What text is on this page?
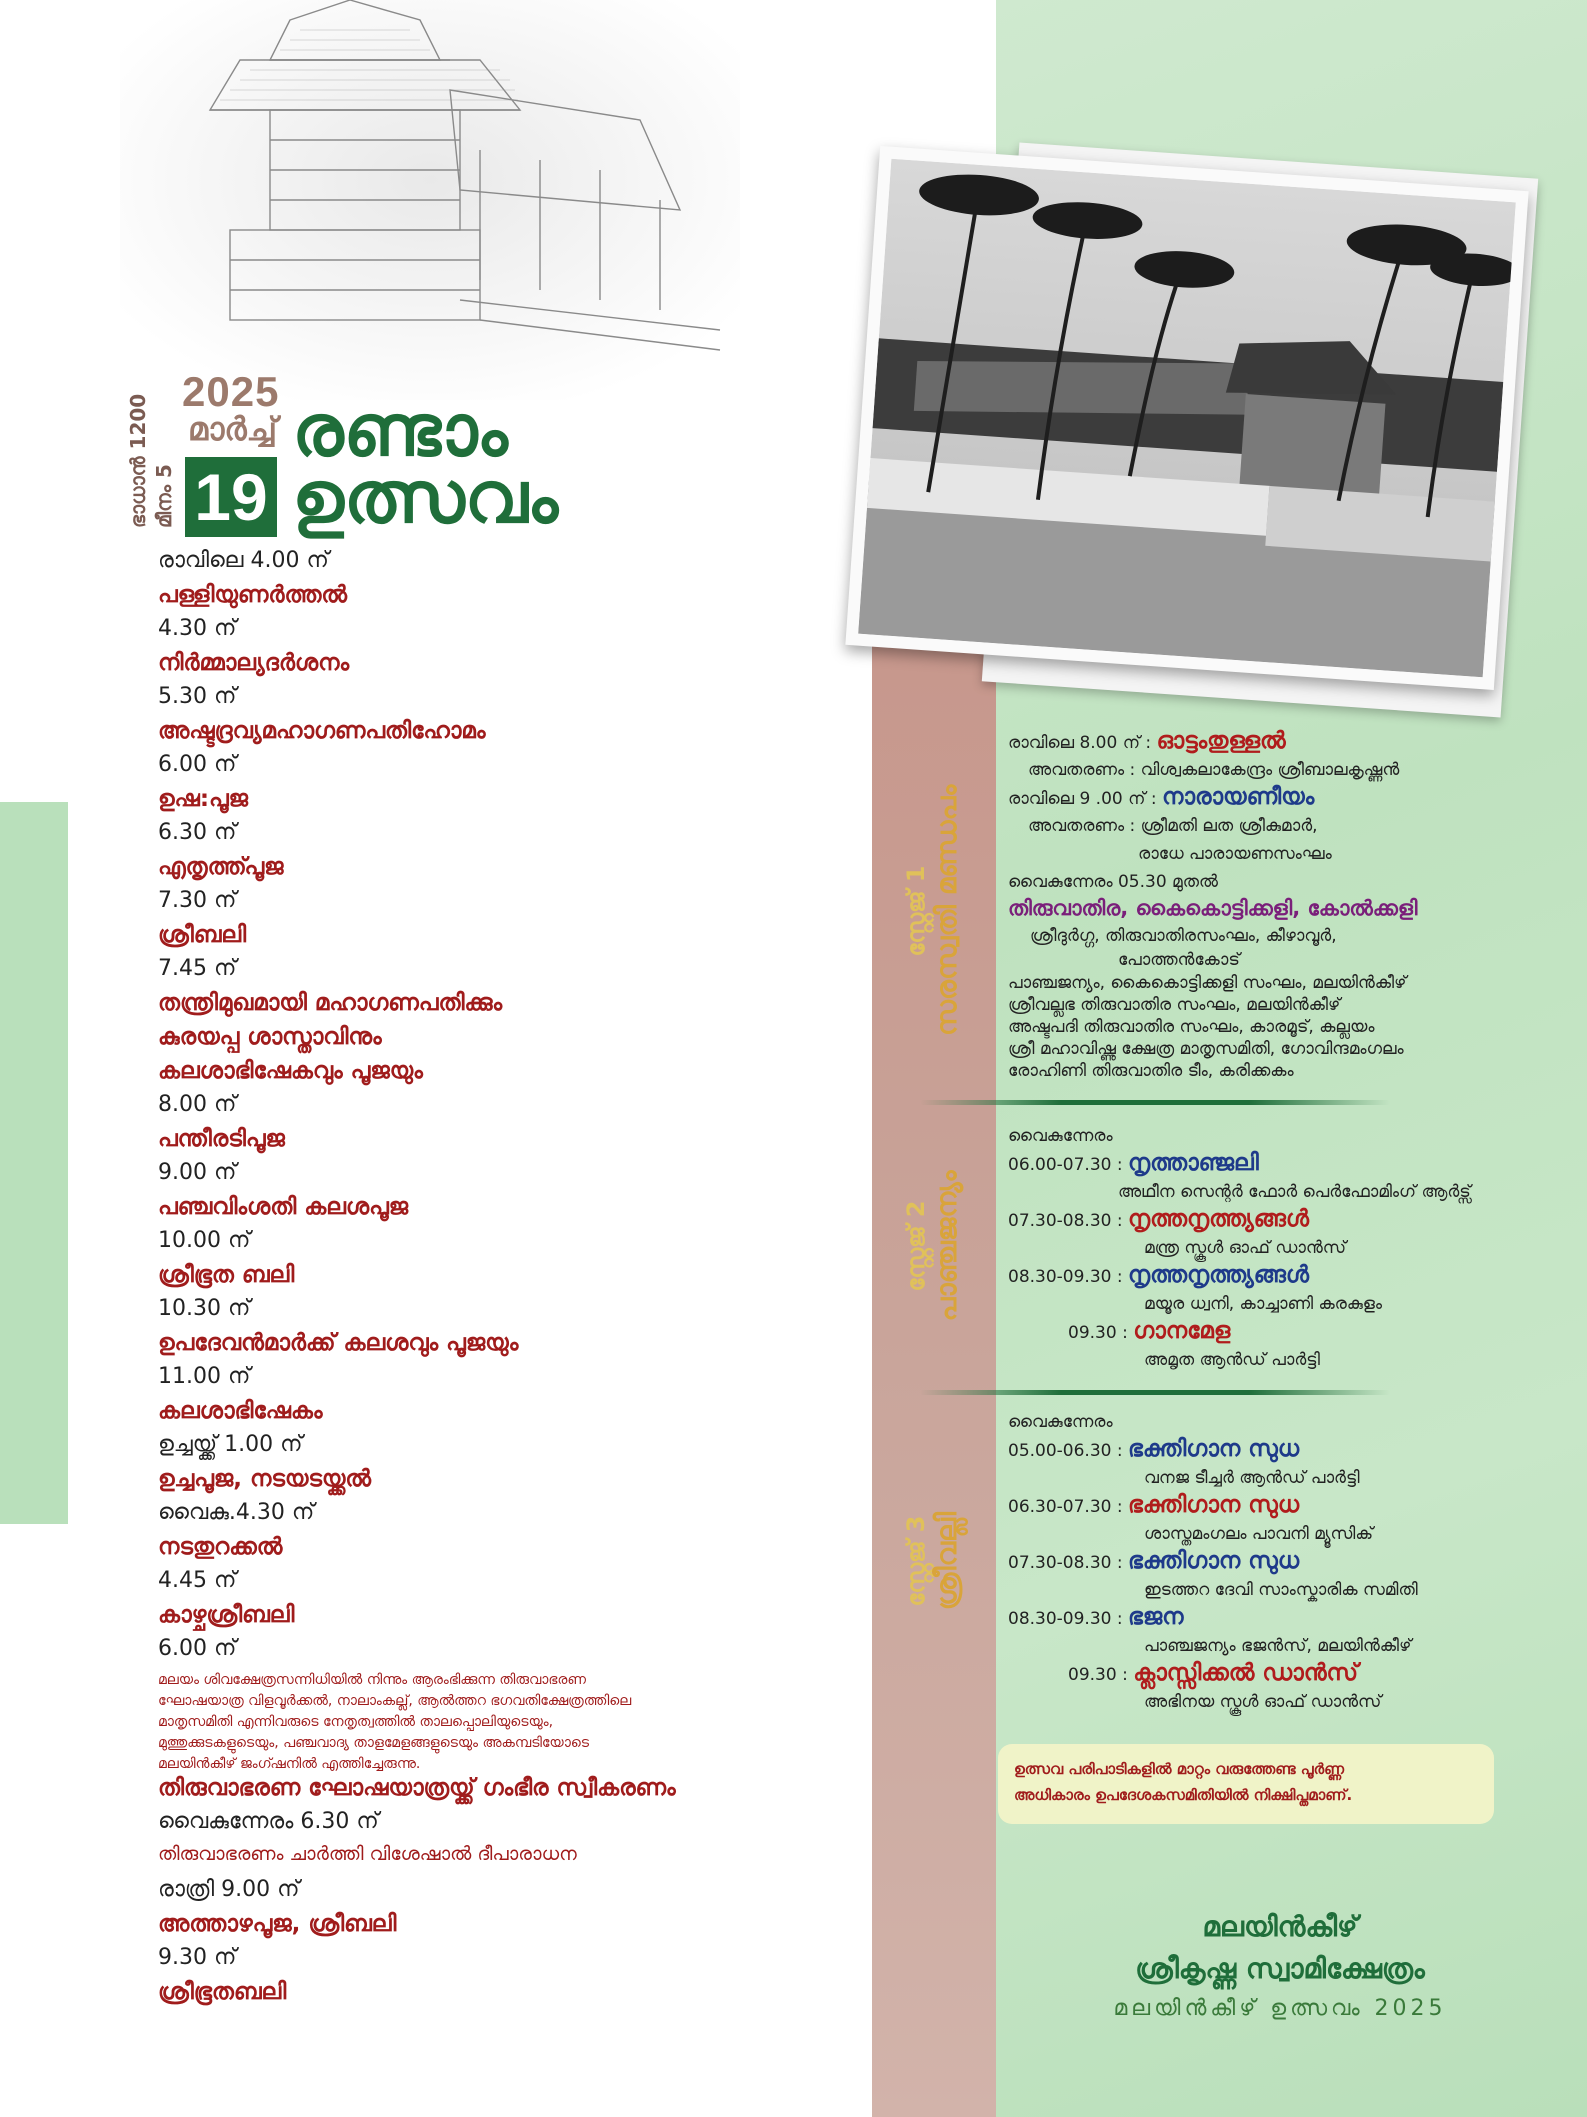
ഭാധാൻ 1200 മീനം 5
2025
മാർച്ച്
19
രണ്ടാം
ഉത്സവം
രാവിലെ 4.00 ന്
പള്ളിയുണർത്തൽ
4.30 ന്
നിർമ്മാല്യദർശനം
5.30 ന്
അഷ്ടദ്രവ്യമഹാഗണപതിഹോമം
6.00 ന്
ഉഷ:പൂജ
6.30 ന്
എതൃത്ത്പൂജ
7.30 ന്
ശ്രീബലി
7.45 ന്
തന്ത്രിമുഖമായി മഹാഗണപതിക്കും
കുരയപ്പ ശാസ്താവിനും
കലശാഭിഷേകവും പൂജയും
8.00 ന്
പന്തീരടിപൂജ
9.00 ന്
പഞ്ചവിംശതി കലശപൂജ
10.00 ന്
ശ്രീഭൂത ബലി
10.30 ന്
ഉപദേവൻമാർക്ക് കലശവും പൂജയും
11.00 ന്
കലശാഭിഷേകം
ഉച്ചയ്ക്ക് 1.00 ന്
ഉച്ചപൂജ, നടയടയ്ക്കൽ
വൈകു.4.30 ന്
നടതുറക്കൽ
4.45 ന്
കാഴ്ചശ്രീബലി
6.00 ന്
മലയം ശിവക്ഷേത്രസന്നിധിയിൽ നിന്നും ആരംഭിക്കുന്ന തിരുവാഭരണ
ഘോഷയാത്ര വിളവൂർക്കൽ, നാലാംകല്ല്, ആൽത്തറ ഭഗവതിക്ഷേത്രത്തിലെ
മാതൃസമിതി എന്നിവരുടെ നേതൃത്വത്തിൽ താലപ്പൊലിയുടെയും,
മുത്തുക്കുടകളുടെയും, പഞ്ചവാദ്യ താളമേളങ്ങളുടെയും അകമ്പടിയോടെ
മലയിൻകീഴ് ജംഗ്ഷനിൽ എത്തിച്ചേരുന്നു.
തിരുവാഭരണ ഘോഷയാത്രയ്ക്ക് ഗംഭീര സ്വീകരണം
വൈകുന്നേരം 6.30 ന്
തിരുവാഭരണം ചാർത്തി വിശേഷാൽ ദീപാരാധന
രാത്രി 9.00 ന്
അത്താഴപൂജ, ശ്രീബലി
9.30 ന്
ശ്രീഭൂതബലി
സ്റ്റേജ് 1 സരസ്വതി മണ്ഡപം
സ്റ്റേജ് 2 പാഞ്ചജന്യം
സ്റ്റേജ് 3 ശ്രീവല്ലി
രാവിലെ 8.00 ന് : ഓട്ടംതുള്ളൽ
അവതരണം : വിശ്വകലാകേന്ദ്രം ശ്രീബാലകൃഷ്ണൻ
രാവിലെ 9 .00 ന് : നാരായണീയം
അവതരണം : ശ്രീമതി ലത ശ്രീകുമാർ,
രാധേ പാരായണസംഘം
വൈകുന്നേരം 05.30 മുതൽ
തിരുവാതിര, കൈകൊട്ടിക്കളി, കോൽക്കളി
ശ്രീദുർഗ്ഗ, തിരുവാതിരസംഘം, കീഴാവൂർ,
പോത്തൻകോട്
പാഞ്ചജന്യം, കൈകൊട്ടിക്കളി സംഘം, മലയിൻകീഴ്
ശ്രീവല്ലഭ തിരുവാതിര സംഘം, മലയിൻകീഴ്
അഷ്ടപദി തിരുവാതിര സംഘം, കാരമൂട്, കല്ലയം
ശ്രീ മഹാവിഷ്ണു ക്ഷേത്ര മാതൃസമിതി, ഗോവിന്ദമംഗലം
രോഹിണി തിരുവാതിര ടീം, കരിക്കകം
വൈകുന്നേരം
06.00-07.30 : നൃത്താഞ്ജലി
അഥീന സെന്റർ ഫോർ പെർഫോമിംഗ് ആർട്സ്
07.30-08.30 : നൃത്തനൃത്ത്യങ്ങൾ
മന്ത്ര സ്കൂൾ ഓഫ് ഡാൻസ്
08.30-09.30 : നൃത്തനൃത്ത്യങ്ങൾ
മയൂര ധ്വനി, കാച്ചാണി കരകുളം
09.30 : ഗാനമേള
അമൃത ആൻഡ് പാർട്ടി
വൈകുന്നേരം
05.00-06.30 : ഭക്തിഗാന സുധ
വനജ ടീച്ചർ ആൻഡ് പാർട്ടി
06.30-07.30 : ഭക്തിഗാന സുധ
ശാസ്തമംഗലം പാവനി മ്യൂസിക്
07.30-08.30 : ഭക്തിഗാന സുധ
ഇടത്തറ ദേവി സാംസ്കാരിക സമിതി
08.30-09.30 : ഭജന
പാഞ്ചജന്യം ഭജൻസ്, മലയിൻകീഴ്
09.30 : ക്ലാസ്സിക്കൽ ഡാൻസ്
അഭിനയ സ്കൂൾ ഓഫ് ഡാൻസ്
ഉത്സവ പരിപാടികളിൽ മാറ്റം വരുത്തേണ്ട പൂർണ്ണ
അധികാരം ഉപദേശകസമിതിയിൽ നിക്ഷിപ്തമാണ്.
മലയിൻകീഴ്
ശ്രീകൃഷ്ണ സ്വാമിക്ഷേത്രം
മലയിൻകീഴ് ഉത്സവം 2025
